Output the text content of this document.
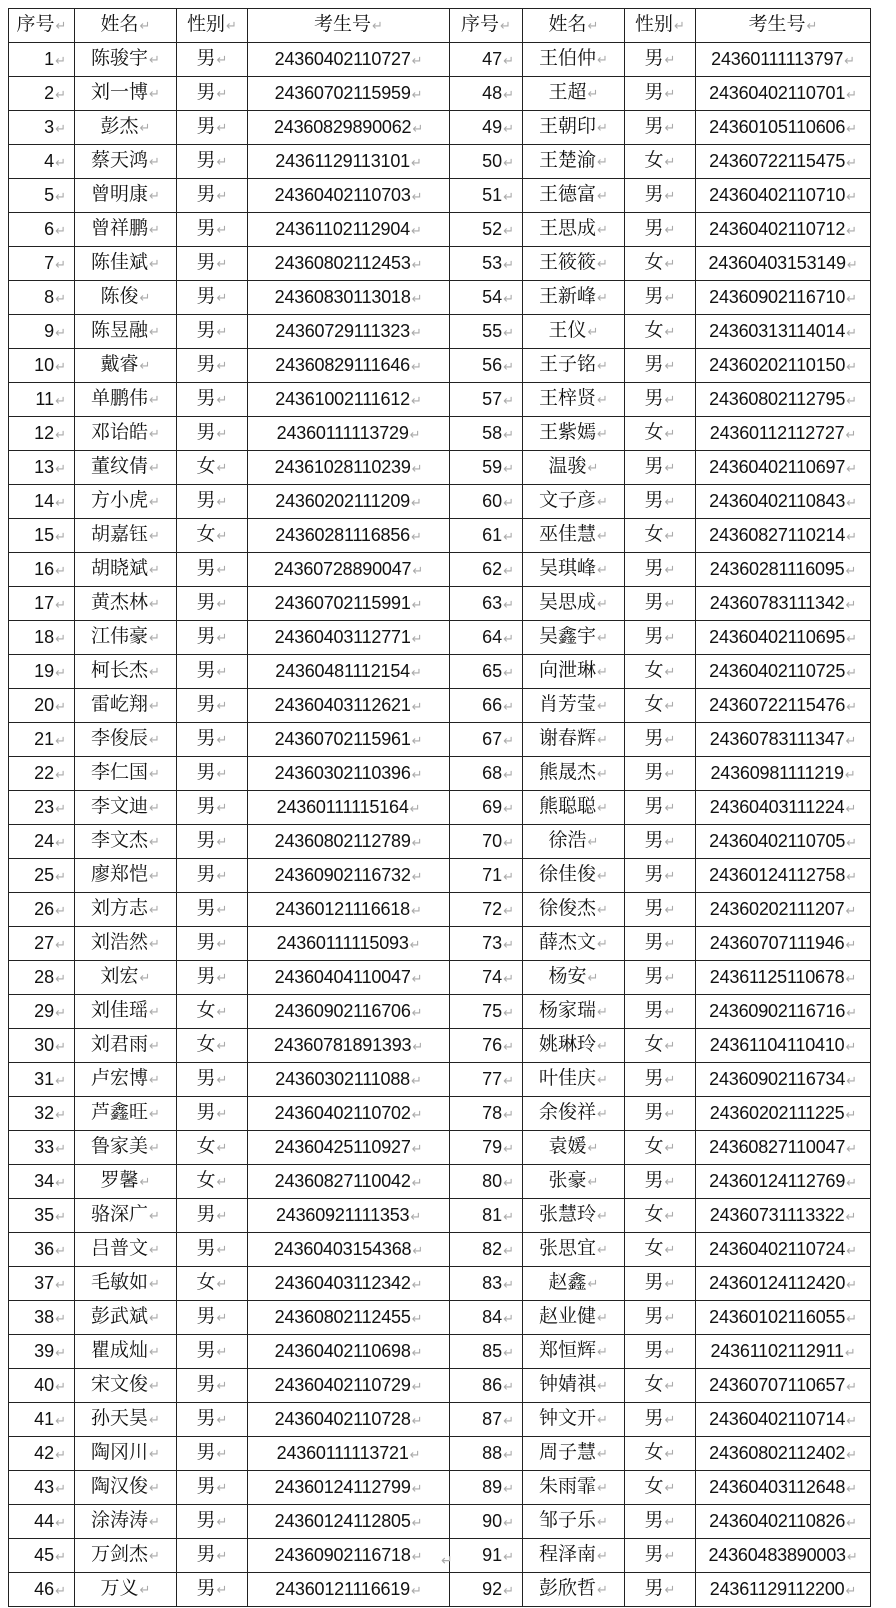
序号↵	姓名↵	性别↵	考生号↵	序号↵	姓名↵	性别↵	考生号↵
1↵	陈骏宇↵	男↵	24360402110727↵	47↵	王伯仲↵	男↵	24360111113797↵
2↵	刘一博↵	男↵	24360702115959↵	48↵	王超↵	男↵	24360402110701↵
3↵	彭杰↵	男↵	24360829890062↵	49↵	王朝印↵	男↵	24360105110606↵
4↵	蔡天鸿↵	男↵	24361129113101↵	50↵	王楚渝↵	女↵	24360722115475↵
5↵	曾明康↵	男↵	24360402110703↵	51↵	王德富↵	男↵	24360402110710↵
6↵	曾祥鹏↵	男↵	24361102112904↵	52↵	王思成↵	男↵	24360402110712↵
7↵	陈佳斌↵	男↵	24360802112453↵	53↵	王筱筱↵	女↵	24360403153149↵
8↵	陈俊↵	男↵	24360830113018↵	54↵	王新峰↵	男↵	24360902116710↵
9↵	陈昱融↵	男↵	24360729111323↵	55↵	王仪↵	女↵	24360313114014↵
10↵	戴睿↵	男↵	24360829111646↵	56↵	王子铭↵	男↵	24360202110150↵
11↵	单鹏伟↵	男↵	24361002111612↵	57↵	王梓贤↵	男↵	24360802112795↵
12↵	邓诒皓↵	男↵	24360111113729↵	58↵	王紫嫣↵	女↵	24360112112727↵
13↵	董纹倩↵	女↵	24361028110239↵	59↵	温骏↵	男↵	24360402110697↵
14↵	方小虎↵	男↵	24360202111209↵	60↵	文子彦↵	男↵	24360402110843↵
15↵	胡嘉钰↵	女↵	24360281116856↵	61↵	巫佳慧↵	女↵	24360827110214↵
16↵	胡晓斌↵	男↵	24360728890047↵	62↵	吴琪峰↵	男↵	24360281116095↵
17↵	黄杰林↵	男↵	24360702115991↵	63↵	吴思成↵	男↵	24360783111342↵
18↵	江伟豪↵	男↵	24360403112771↵	64↵	吴鑫宇↵	男↵	24360402110695↵
19↵	柯长杰↵	男↵	24360481112154↵	65↵	向泄琳↵	女↵	24360402110725↵
20↵	雷屹翔↵	男↵	24360403112621↵	66↵	肖芳莹↵	女↵	24360722115476↵
21↵	李俊辰↵	男↵	24360702115961↵	67↵	谢春辉↵	男↵	24360783111347↵
22↵	李仁国↵	男↵	24360302110396↵	68↵	熊晟杰↵	男↵	24360981111219↵
23↵	李文迪↵	男↵	24360111115164↵	69↵	熊聪聪↵	男↵	24360403111224↵
24↵	李文杰↵	男↵	24360802112789↵	70↵	徐浩↵	男↵	24360402110705↵
25↵	廖郑恺↵	男↵	24360902116732↵	71↵	徐佳俊↵	男↵	24360124112758↵
26↵	刘方志↵	男↵	24360121116618↵	72↵	徐俊杰↵	男↵	24360202111207↵
27↵	刘浩然↵	男↵	24360111115093↵	73↵	薛杰文↵	男↵	24360707111946↵
28↵	刘宏↵	男↵	24360404110047↵	74↵	杨安↵	男↵	24361125110678↵
29↵	刘佳瑶↵	女↵	24360902116706↵	75↵	杨家瑞↵	男↵	24360902116716↵
30↵	刘君雨↵	女↵	24360781891393↵	76↵	姚琳玲↵	女↵	24361104110410↵
31↵	卢宏博↵	男↵	24360302111088↵	77↵	叶佳庆↵	男↵	24360902116734↵
32↵	芦鑫旺↵	男↵	24360402110702↵	78↵	余俊祥↵	男↵	24360202111225↵
33↵	鲁家美↵	女↵	24360425110927↵	79↵	袁媛↵	女↵	24360827110047↵
34↵	罗馨↵	女↵	24360827110042↵	80↵	张豪↵	男↵	24360124112769↵
35↵	骆深广↵	男↵	24360921111353↵	81↵	张慧玲↵	女↵	24360731113322↵
36↵	吕普文↵	男↵	24360403154368↵	82↵	张思宜↵	女↵	24360402110724↵
37↵	毛敏如↵	女↵	24360403112342↵	83↵	赵鑫↵	男↵	24360124112420↵
38↵	彭武斌↵	男↵	24360802112455↵	84↵	赵业健↵	男↵	24360102116055↵
39↵	瞿成灿↵	男↵	24360402110698↵	85↵	郑恒辉↵	男↵	24361102112911↵
40↵	宋文俊↵	男↵	24360402110729↵	86↵	钟婧祺↵	女↵	24360707110657↵
41↵	孙天昊↵	男↵	24360402110728↵	87↵	钟文开↵	男↵	24360402110714↵
42↵	陶冈川↵	男↵	24360111113721↵	88↵	周子慧↵	女↵	24360802112402↵
43↵	陶汉俊↵	男↵	24360124112799↵	89↵	朱雨霏↵	女↵	24360403112648↵
44↵	涂涛涛↵	男↵	24360124112805↵	90↵	邹子乐↵	男↵	24360402110826↵
45↵	万剑杰↵	男↵	24360902116718↵	91↵	程泽南↵	男↵	24360483890003↵
46↵	万义↵	男↵	24360121116619↵	92↵	彭欣哲↵	男↵	24361129112200↵
↵
